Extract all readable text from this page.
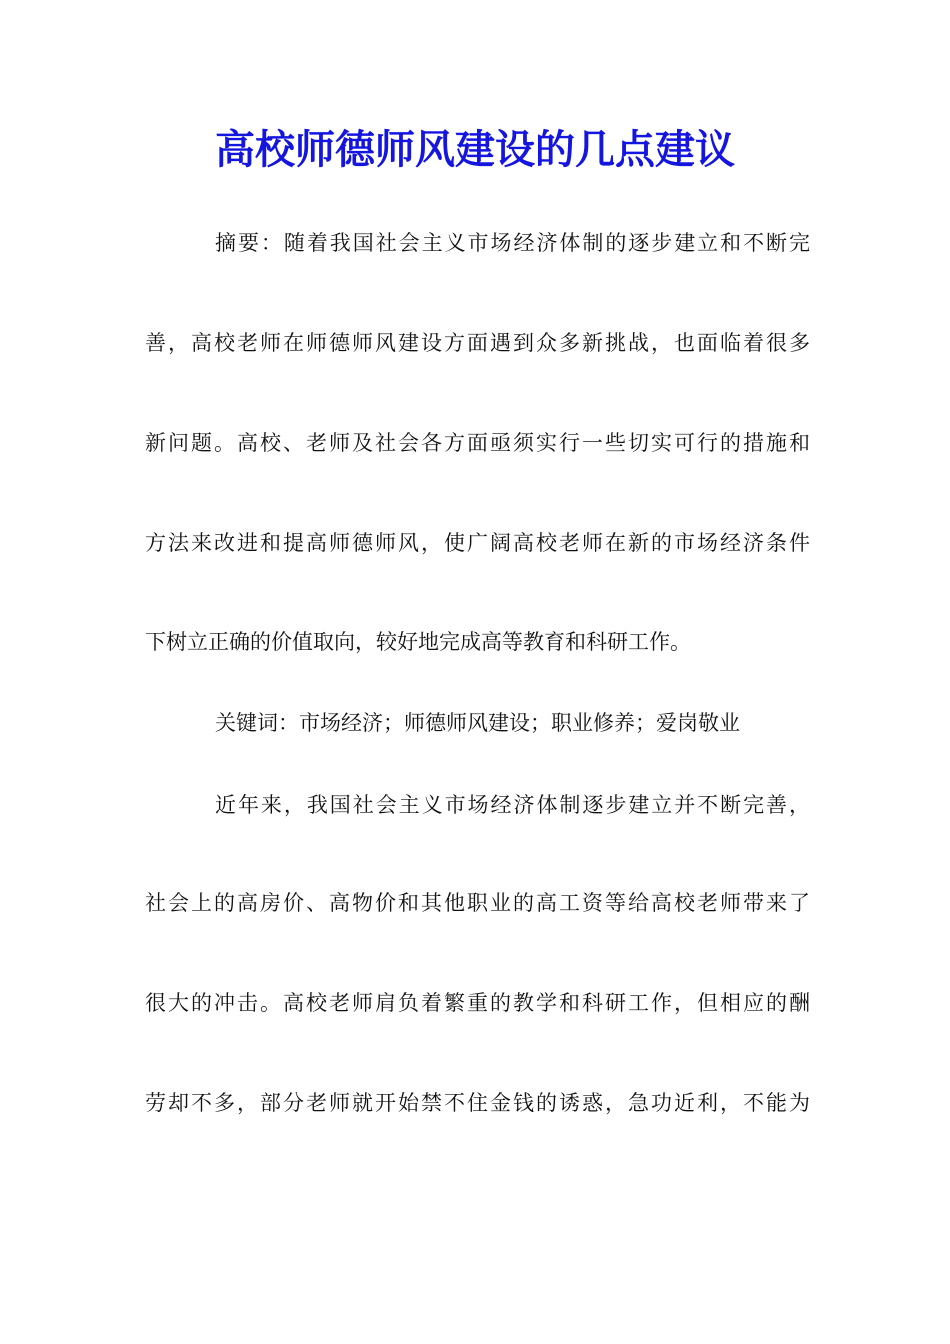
高校师德师风建设的几点建议

摘要：随着我国社会主义市场经济体制的逐步建立和不断完

善，高校老师在师德师风建设方面遇到众多新挑战，也面临着很多

新问题。高校、老师及社会各方面亟须实行一些切实可行的措施和

方法来改进和提高师德师风，使广阔高校老师在新的市场经济条件

下树立正确的价值取向，较好地完成高等教育和科研工作。

关键词：市场经济；师德师风建设；职业修养；爱岗敬业

近年来，我国社会主义市场经济体制逐步建立并不断完善，

社会上的高房价、高物价和其他职业的高工资等给高校老师带来了

很大的冲击。高校老师肩负着繁重的教学和科研工作，但相应的酬

劳却不多，部分老师就开始禁不住金钱的诱惑，急功近利，不能为
